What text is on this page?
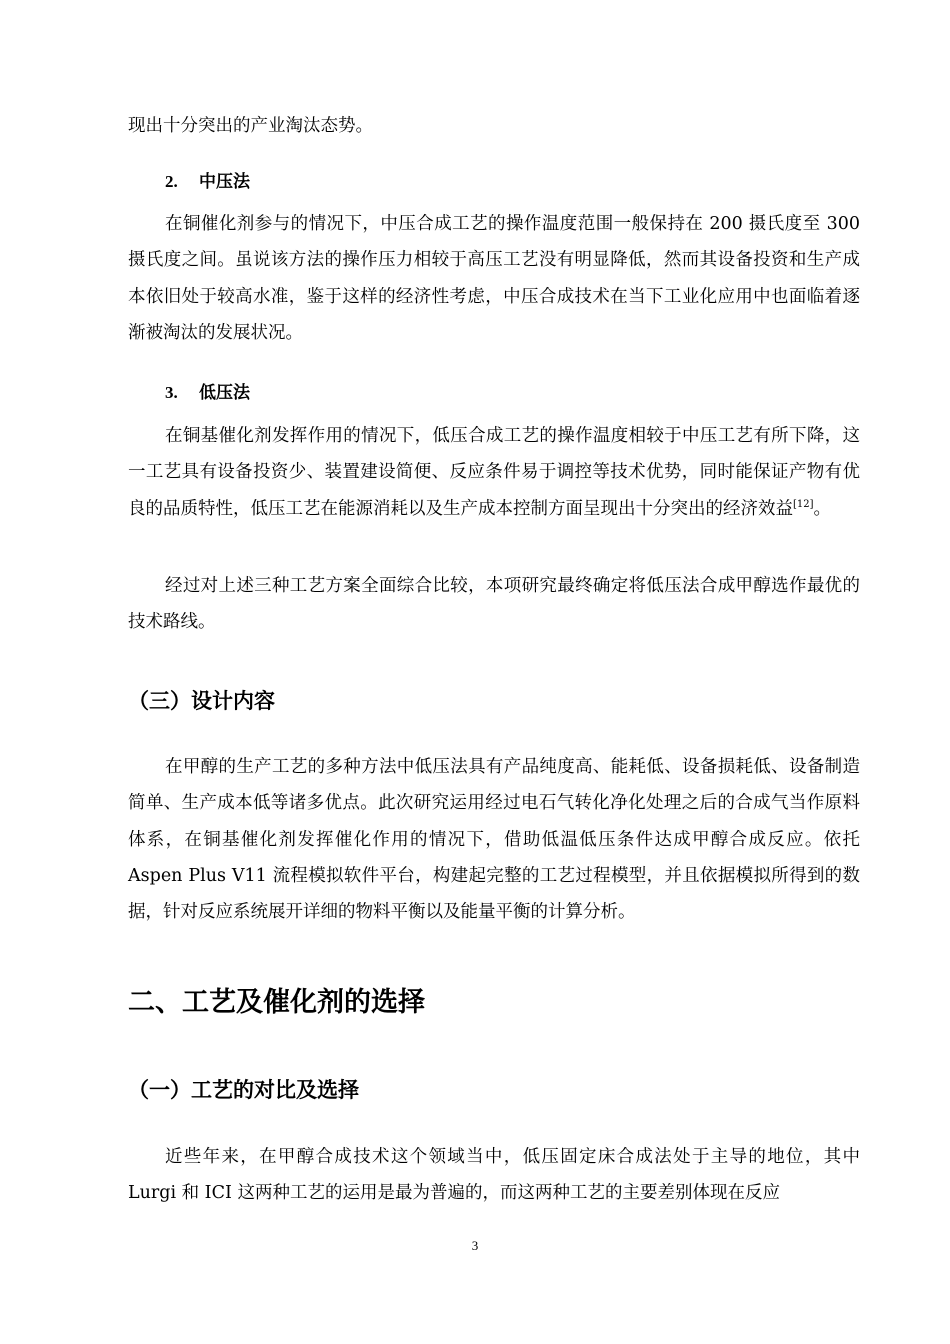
现出十分突出的产业淘汰态势。

2. 中压法

在铜催化剂参与的情况下，中压合成工艺的操作温度范围一般保持在 200 摄氏度至 300 摄氏度之间。虽说该方法的操作压力相较于高压工艺没有明显降低，然而其设备投资和生产成本依旧处于较高水准，鉴于这样的经济性考虑，中压合成技术在当下工业化应用中也面临着逐渐被淘汰的发展状况。

3. 低压法

在铜基催化剂发挥作用的情况下，低压合成工艺的操作温度相较于中压工艺有所下降，这一工艺具有设备投资少、装置建设简便、反应条件易于调控等技术优势，同时能保证产物有优良的品质特性，低压工艺在能源消耗以及生产成本控制方面呈现出十分突出的经济效益[12]。

经过对上述三种工艺方案全面综合比较，本项研究最终确定将低压法合成甲醇选作最优的技术路线。

（三）设计内容

在甲醇的生产工艺的多种方法中低压法具有产品纯度高、能耗低、设备损耗低、设备制造简单、生产成本低等诸多优点。此次研究运用经过电石气转化净化处理之后的合成气当作原料体系，在铜基催化剂发挥催化作用的情况下，借助低温低压条件达成甲醇合成反应。依托 Aspen Plus V11 流程模拟软件平台，构建起完整的工艺过程模型，并且依据模拟所得到的数据，针对反应系统展开详细的物料平衡以及能量平衡的计算分析。

二、工艺及催化剂的选择
（一）工艺的对比及选择

近些年来，在甲醇合成技术这个领域当中，低压固定床合成法处于主导的地位，其中 Lurgi 和 ICI 这两种工艺的运用是最为普遍的，而这两种工艺的主要差别体现在反应

3
